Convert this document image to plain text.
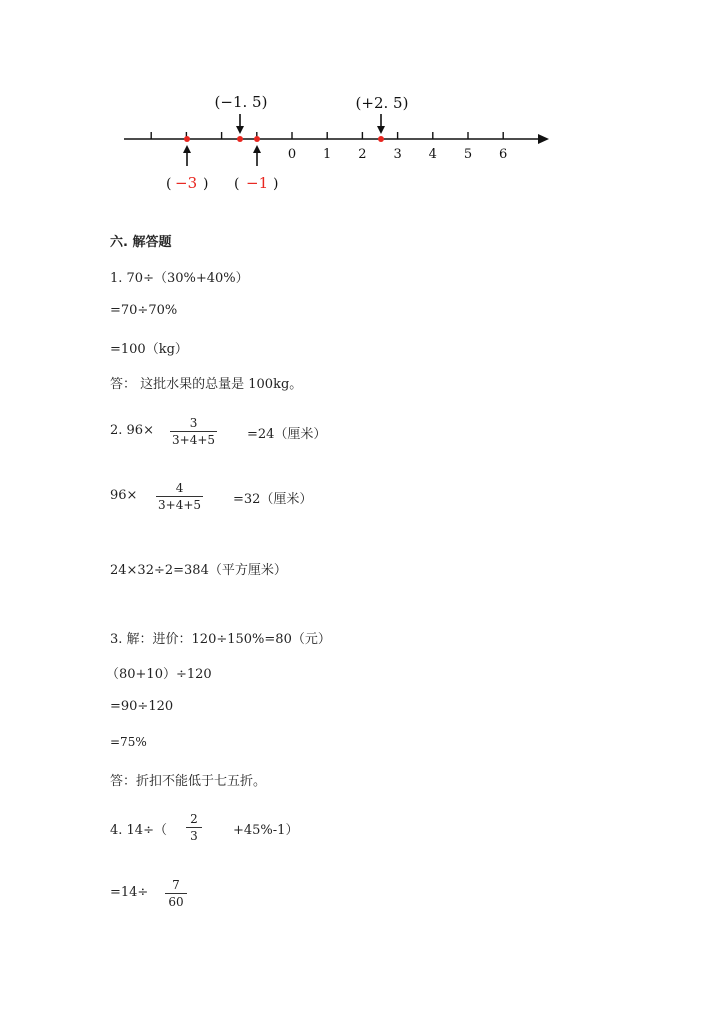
0 1 2 3 4 5 6
(−1. 5)	(+2. 5)
( −3 ) ( −1 )
六. 解答题
1. 70÷（30%+40%）
=70÷70%
=100（kg）
答： 这批水果的总量是 100kg。
2. $96\times \frac{3}{3+4+5} =24$（厘米）
$96\times \frac{4}{3+4+5} =32$（厘米）
24×32÷2=384（平方厘米）
3. 解：进价：120÷150%=80（元）
（80+10）÷120
=90÷120
=75%
答：折扣不能低于七五折。
4. $14\div( \frac{2}{3} +45\%-1)$
$=14\div \frac{7}{60}$
